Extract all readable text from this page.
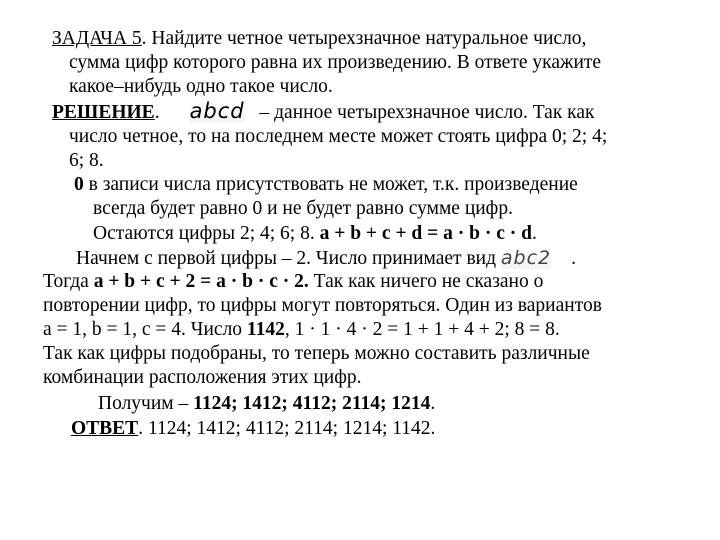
ЗАДАЧА 5. Найдите четное четырехзначное натуральное число,
сумма цифр которого равна их произведению. В ответе укажите
какое–нибудь одно такое число.
РЕШЕНИЕ. abcd – данное четырехзначное число. Так как
число четное, то на последнем месте может стоять цифра 0; 2; 4;
6; 8.
0 в записи числа присутствовать не может, т.к. произведение
всегда будет равно 0 и не будет равно сумме цифр.
Остаются цифры 2; 4; 6; 8. a + b + c + d = a · b · c · d.
Начнем с первой цифры – 2. Число принимает вид abc2 .
Тогда a + b + c + 2 = a · b · c · 2. Так как ничего не сказано о
повторении цифр, то цифры могут повторяться. Один из вариантов
a = 1, b = 1, c = 4. Число 1142, 1 · 1 · 4 · 2 = 1 + 1 + 4 + 2; 8 = 8.
Так как цифры подобраны, то теперь можно составить различные
комбинации расположения этих цифр.
Получим – 1124; 1412; 4112; 2114; 1214.
ОТВЕТ. 1124; 1412; 4112; 2114; 1214; 1142.
